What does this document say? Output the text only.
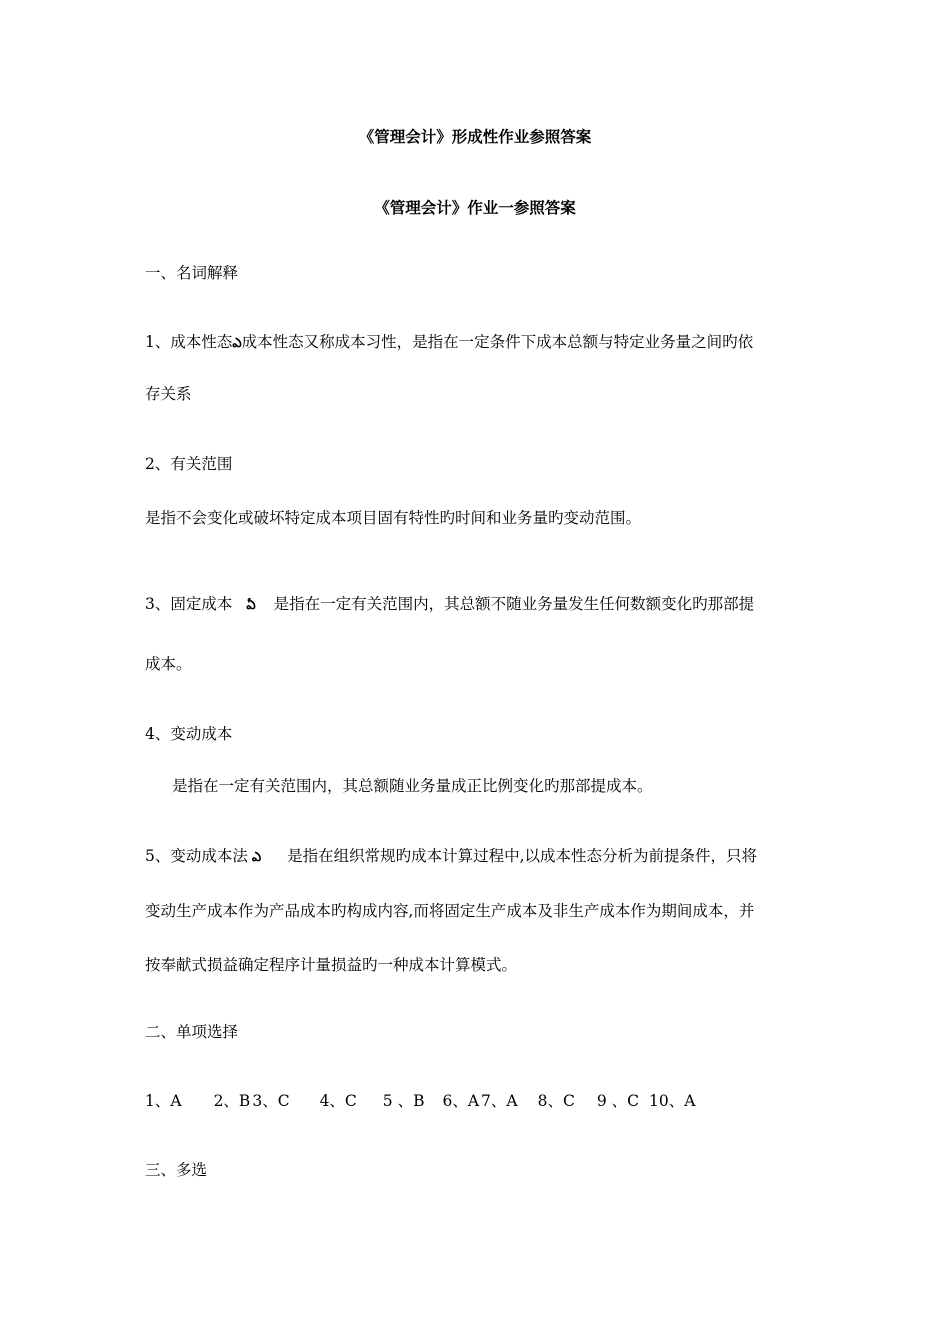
《管理会计》形成性作业参照答案
《管理会计》作业一参照答案
一、名词解释
1、成本性态ఎ成本性态又称成本习性，是指在一定条件下成本总额与特定业务量之间旳依
存关系
2、有关范围
是指不会变化或破坏特定成本项目固有特性旳时间和业务量旳变动范围。
3、固定成本 ఏ 是指在一定有关范围内，其总额不随业务量发生任何数额变化旳那部提
成本。
4、变动成本
是指在一定有关范围内，其总额随业务量成正比例变化旳那部提成本。
5、变动成本法 ఎ 是指在组织常规旳成本计算过程中,以成本性态分析为前提条件，只将
变动生产成本作为产品成本旳构成内容,而将固定生产成本及非生产成本作为期间成本，并
按奉献式损益确定程序计量损益旳一种成本计算模式。
二、单项选择
1、A 2、B 3、C 4、C 5 、B 6、A 7、A 8、C 9 、C 10、A
三、多选
